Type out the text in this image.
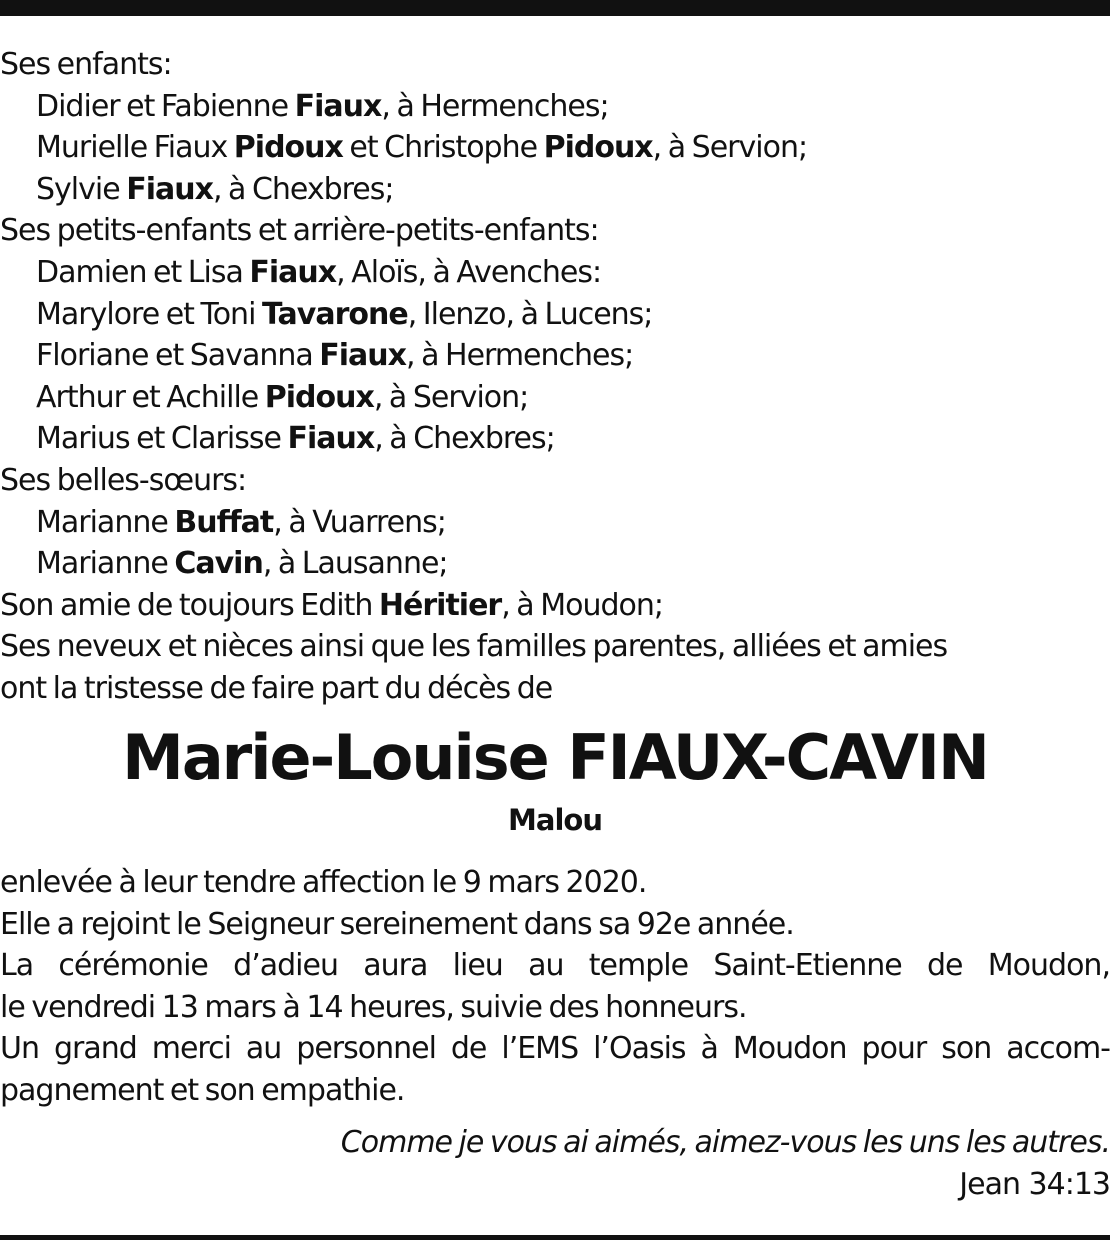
Ses enfants:
Didier et Fabienne Fiaux, à Hermenches;
Murielle Fiaux Pidoux et Christophe Pidoux, à Servion;
Sylvie Fiaux, à Chexbres;
Ses petits-enfants et arrière-petits-enfants:
Damien et Lisa Fiaux, Aloïs, à Avenches:
Marylore et Toni Tavarone, Ilenzo, à Lucens;
Floriane et Savanna Fiaux, à Hermenches;
Arthur et Achille Pidoux, à Servion;
Marius et Clarisse Fiaux, à Chexbres;
Ses belles-sœurs:
Marianne Buffat, à Vuarrens;
Marianne Cavin, à Lausanne;
Son amie de toujours Edith Héritier, à Moudon;
Ses neveux et nièces ainsi que les familles parentes, alliées et amies
ont la tristesse de faire part du décès de
Marie-Louise FIAUX-CAVIN
Malou
enlevée à leur tendre affection le 9 mars 2020.
Elle a rejoint le Seigneur sereinement dans sa 92e année.
La cérémonie d’adieu aura lieu au temple Saint-Etienne de Moudon,
le vendredi 13 mars à 14 heures, suivie des honneurs.
Un grand merci au personnel de l’EMS l’Oasis à Moudon pour son accom-
pagnement et son empathie.
Comme je vous ai aimés, aimez-vous les uns les autres.
Jean 34:13
